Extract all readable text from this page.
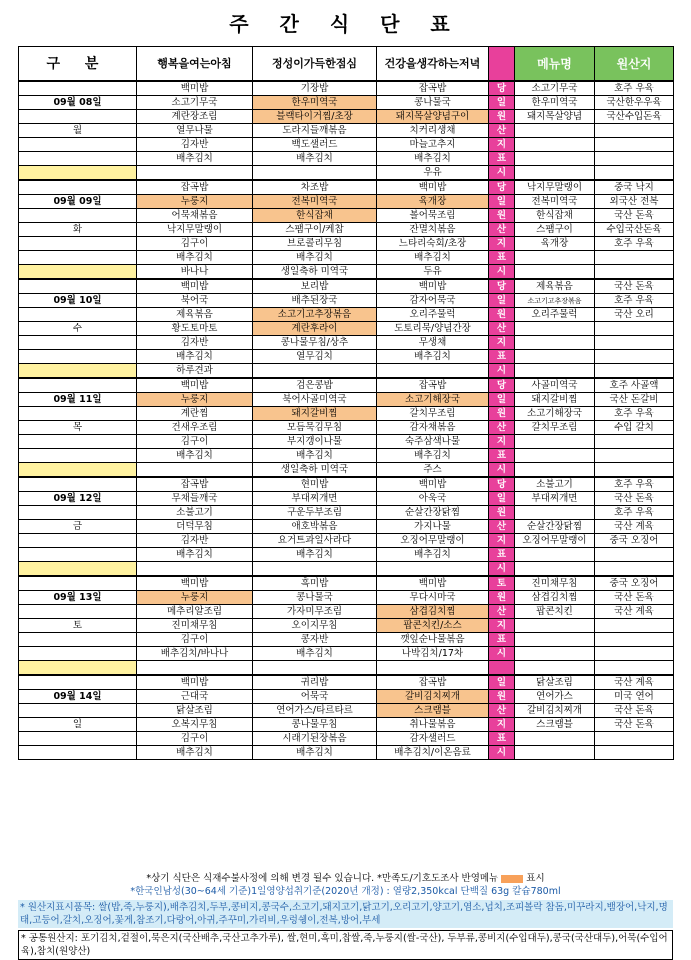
주 간 식 단 표
구 분	행복을여는아침	정성이가득한점심	건강을생각하는저녁		메뉴명	원산지
	백미밥	기장밥	잡곡밥	당	소고기무국	호주 우육
09월 08일	소고기무국	한우미역국	콩나물국	일	한우미역국	국산한우우육
	계란장조림	블랙타이거찜/초장	돼지목살양념구이	원	돼지목살양념	국산수입돈육
월	열무나물	도라지들깨볶음	치커리생채	산		
	김자반	백도샐러드	마늘고추지	지		
	배추김치	배추김치	배추김치	표		
			우유	시		
	잡곡밥	차조밥	백미밥	당	낙지무말랭이	중국 낙지
09월 09일	누룽지	전복미역국	육개장	일	전복미역국	외국산 전복
	어묵채볶음	한식잡채	볼어묵조림	원	한식잡채	국산 돈육
화	낙지무말랭이	스팸구이/케찹	잔멸치볶음	산	스팸구이	수입국산돈육
	김구이	브로콜리무침	느타리숙회/초장	지	육개장	호주 우육
	배추김치	배추김치	배추김치	표		
	바나나	생일축하 미역국	두유	시		
	백미밥	보리밥	백미밥	당	제육볶음	국산 돈육
09월 10일	북어국	배추된장국	감자어묵국	일	소고기고추장볶음	호주 우육
	제육볶음	소고기고추장볶음	오리주물럭	원	오리주물럭	국산 오리
수	황도토마토	계란후라이	도토리묵/양념간장	산		
	김자반	콩나물무침/상추	무생채	지		
	배추김치	열무김치	배추김치	표		
	하루견과			시		
	백미밥	검은콩밥	잡곡밥	당	사골미역국	호주 사골액
09월 11일	누룽지	북어사골미역국	소고기해장국	일	돼지갈비찜	국산 돈갈비
	계란찜	돼지갈비찜	갈치무조림	원	소고기해장국	호주 우육
목	건새우조림	모듬묵김무침	감자채볶음	산	갈치무조림	수입 갈치
	김구이	부지갱이나물	숙주삼색나물	지		
	배추김치	배추김치	배추김치	표		
		생일축하 미역국	주스	시		
	잡곡밥	현미밥	백미밥	당	소불고기	호주 우육
09월 12일	무채들깨국	부대찌개면	아욱국	일	부대찌개면	국산 돈육
	소불고기	구운두부조림	순살간장닭찜	원		호주 우육
금	더덕무침	애호박볶음	가지나물	산	순살간장닭찜	국산 계육
	김자반	요거트과일사라다	오징어무말랭이	지	오징어무말랭이	중국 오징어
	배추김치	배추김치	배추김치	표		
				시		
	백미밥	흑미밥	백미밥	토	진미채무침	중국 오징어
09월 13일	누룽지	콩나물국	무다시마국	원	삼겹김치찜	국산 돈육
	메추리알조림	가자미무조림	삼겹김치찜	산	팝콘치킨	국산 계육
토	진미채무침	오이지무침	팝콘치킨/소스	지		
	김구이	콩자반	깻잎순나물볶음	표		
	배추김치/바나나	배추김치	나박김치/17차	시		

	백미밥	귀리밥	잡곡밥	일	닭살조림	국산 계육
09월 14일	근대국	어묵국	갈비김치찌개	원	연어가스	미국 연어
	닭살조림	연어가스/타르타르	스크램블	산	갈비김치찌개	국산 돈육
일	오복지무침	콩나물무침	취나물볶음	지	스크램블	국산 돈육
	김구이	시래기된장볶음	감자샐러드	표		
	배추김치	배추김치	배추김치/이온음료	시		
*상기 식단은 식재수불사정에 의해 변경 될수 있습니다. *만족도/기호도조사 반영메뉴	표시
*한국인남성(30~64세 기준)1일영양섭취기준(2020년 개정) : 열량2,350kcal 단백질 63g 칼슘780ml
* 원산지표시품목: 쌀(밥,죽,누룽지),배추김치,두부,콩비지,콩국수,소고기,돼지고기,닭고기,오리고기,양고기,염소,넙치,조피볼락 참돔,미꾸라지,뱀장어,낙지,명태,고등어,갈치,오징어,꽃게,참조기,다랑어,아귀,주꾸미,가리비,우렁쉥이,전복,방어,부세
* 공통원산지: 포기김치,겉절이,묵은지(국산배추,국산고추가루), 쌀,현미,흑미,찹쌀,죽,누룽지(쌀-국산), 두부류,콩비지(수입대두),콩국(국산대두),어묵(수입어육),참치(원양산)
